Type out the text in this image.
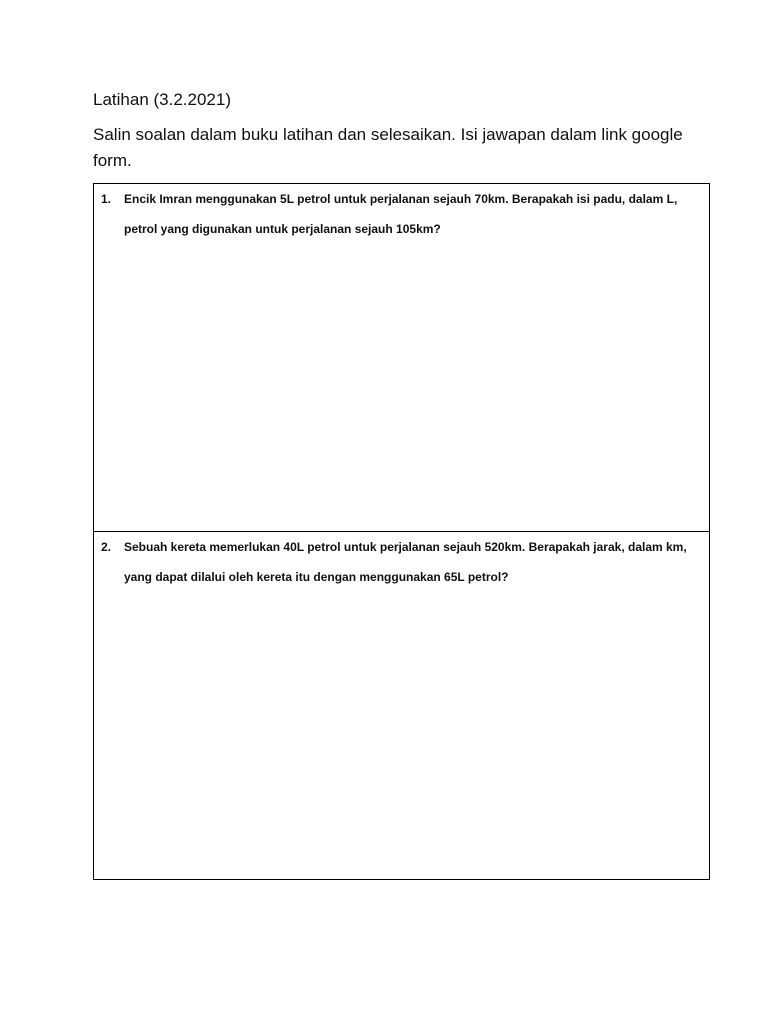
Latihan (3.2.2021)
Salin soalan dalam buku latihan dan selesaikan. Isi jawapan dalam link google form.
1. Encik Imran menggunakan 5L petrol untuk perjalanan sejauh 70km. Berapakah isi padu, dalam L, petrol yang digunakan untuk perjalanan sejauh 105km?
2. Sebuah kereta memerlukan 40L petrol untuk perjalanan sejauh 520km. Berapakah jarak, dalam km, yang dapat dilalui oleh kereta itu dengan menggunakan 65L petrol?
